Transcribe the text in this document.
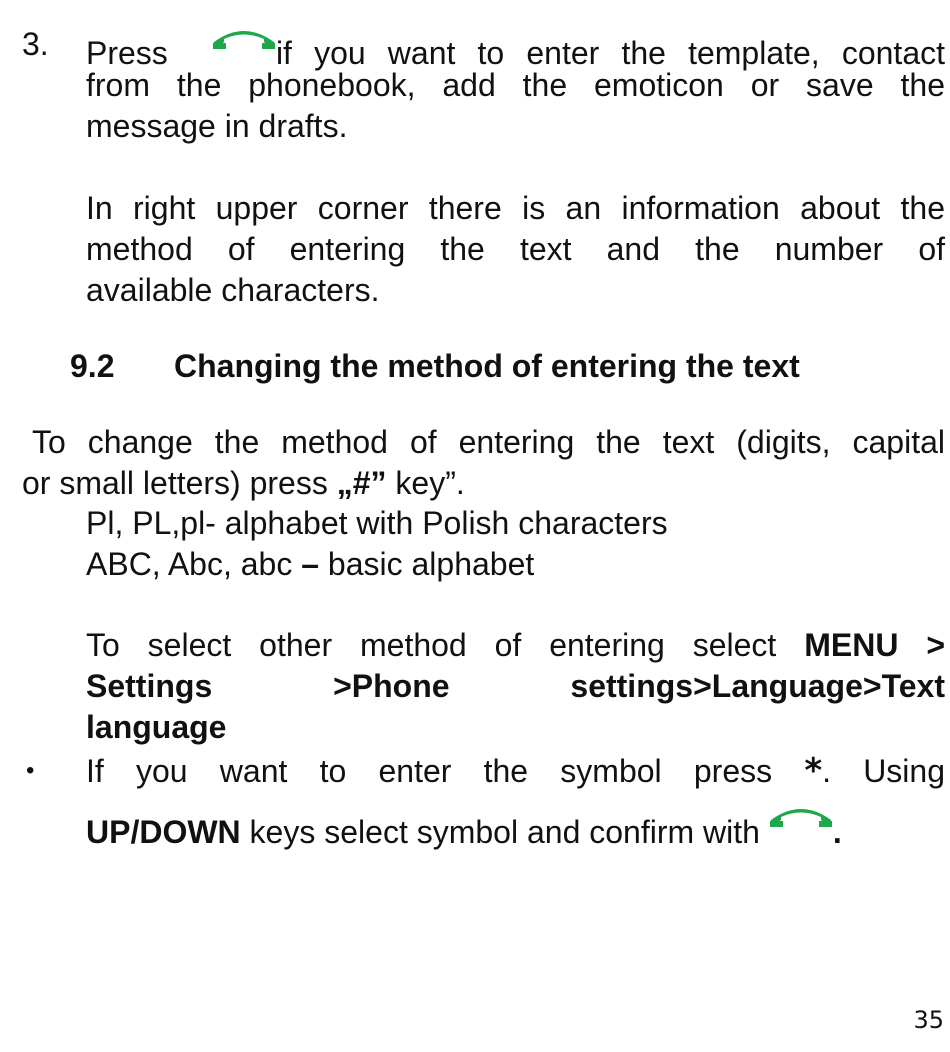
3. Press	if you want to enter the template, contact
from the phonebook, add the emoticon or save the
message in drafts.
In right upper corner there is an information about the
method of entering the text and the number of
available characters.
9.2 Changing the method of entering the text
To change the method of entering the text (digits, capital
or small letters) press „#” key”.
Pl, PL,pl- alphabet with Polish characters
ABC, Abc, abc – basic alphabet
To select other method of entering select MENU >
Settings	>Phone	settings>Language>Text
language
• If you want to enter the symbol press *. Using
UP/DOWN keys select symbol and confirm with .
35
